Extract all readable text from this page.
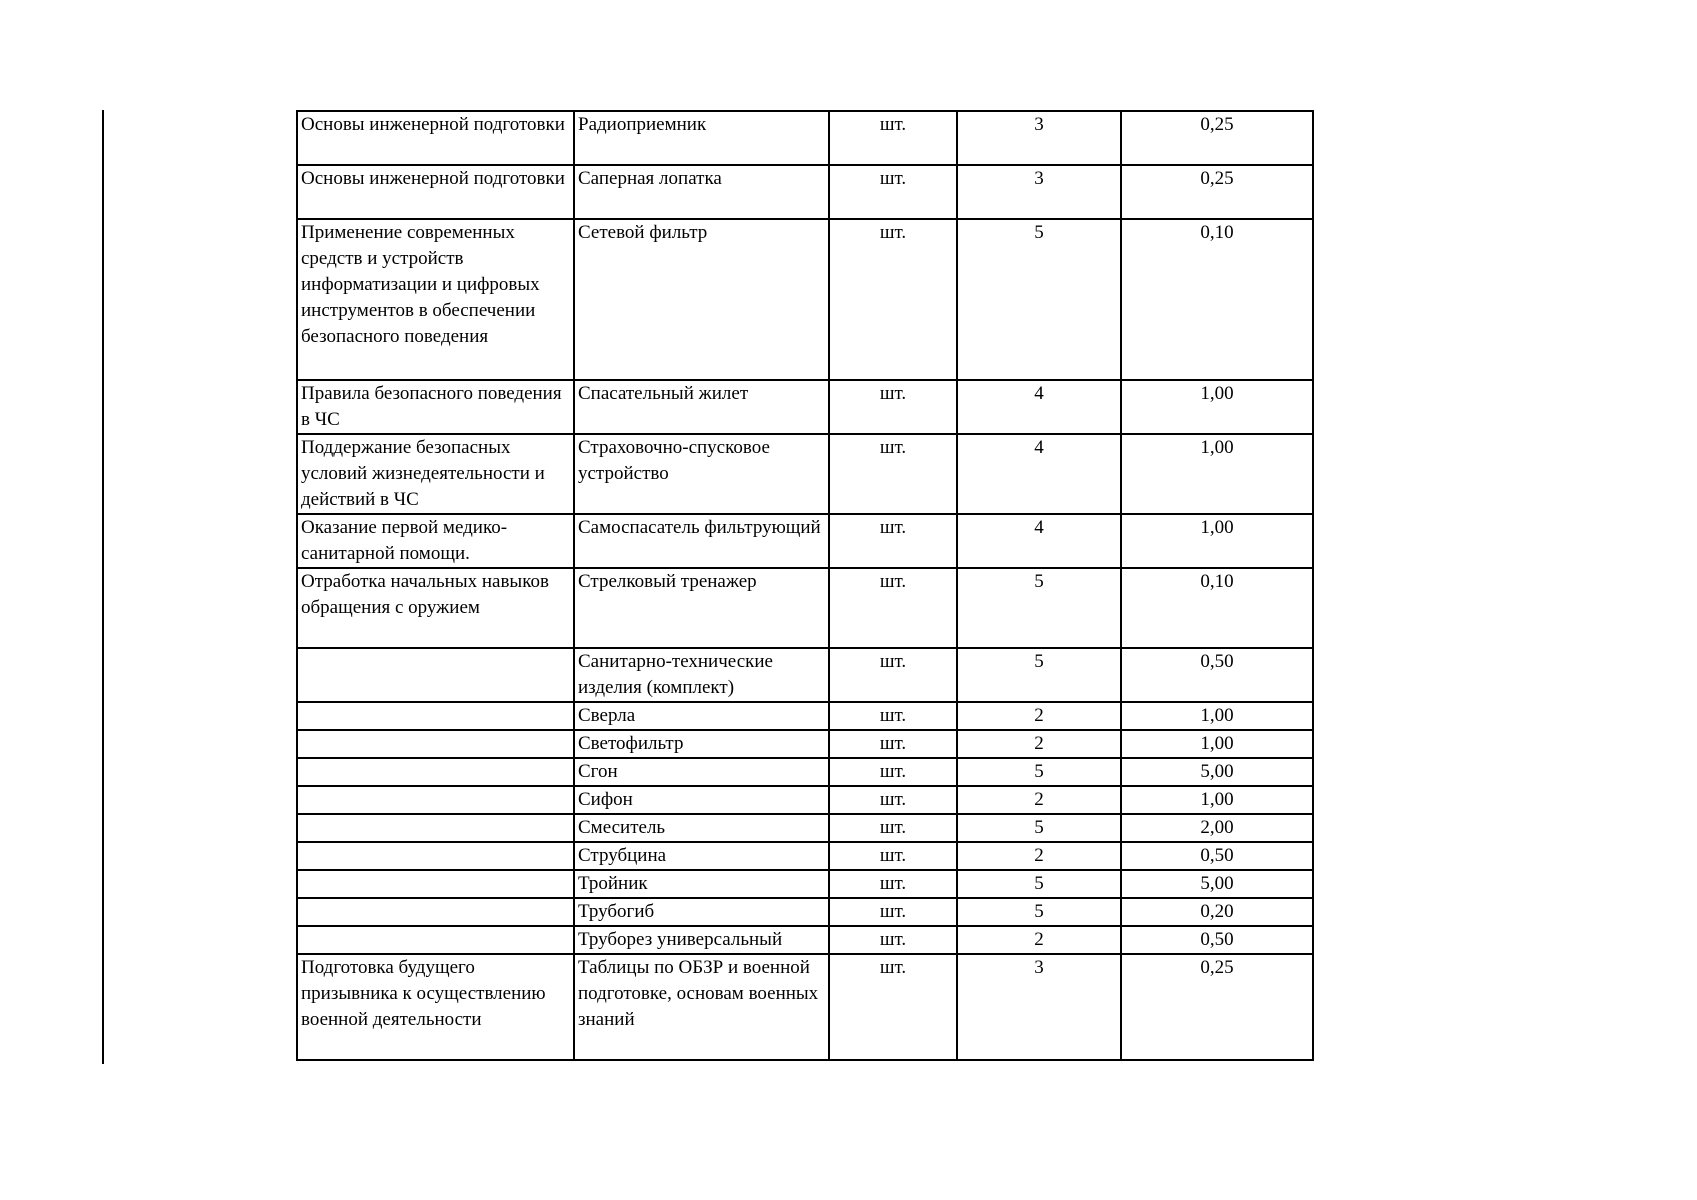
Основы инженерной подготовки	Радиоприемник	шт.	3	0,25
Основы инженерной подготовки	Саперная лопатка	шт.	3	0,25
Применение современных средств и устройств информатизации и цифровых инструментов в обеспечении безопасного поведения	Сетевой фильтр	шт.	5	0,10
Правила безопасного поведения в ЧС	Спасательный жилет	шт.	4	1,00
Поддержание безопасных условий жизнедеятельности и действий в ЧС	Страховочно-спусковое устройство	шт.	4	1,00
Оказание первой медико-санитарной помощи.	Самоспасатель фильтрующий	шт.	4	1,00
Отработка начальных навыков обращения с оружием	Стрелковый тренажер	шт.	5	0,10
	Санитарно-технические изделия (комплект)	шт.	5	0,50
	Сверла	шт.	2	1,00
	Светофильтр	шт.	2	1,00
	Сгон	шт.	5	5,00
	Сифон	шт.	2	1,00
	Смеситель	шт.	5	2,00
	Струбцина	шт.	2	0,50
	Тройник	шт.	5	5,00
	Трубогиб	шт.	5	0,20
	Труборез универсальный	шт.	2	0,50
Подготовка будущего призывника к осуществлению военной деятельности	Таблицы по ОБЗР и военной подготовке, основам военных знаний	шт.	3	0,25
